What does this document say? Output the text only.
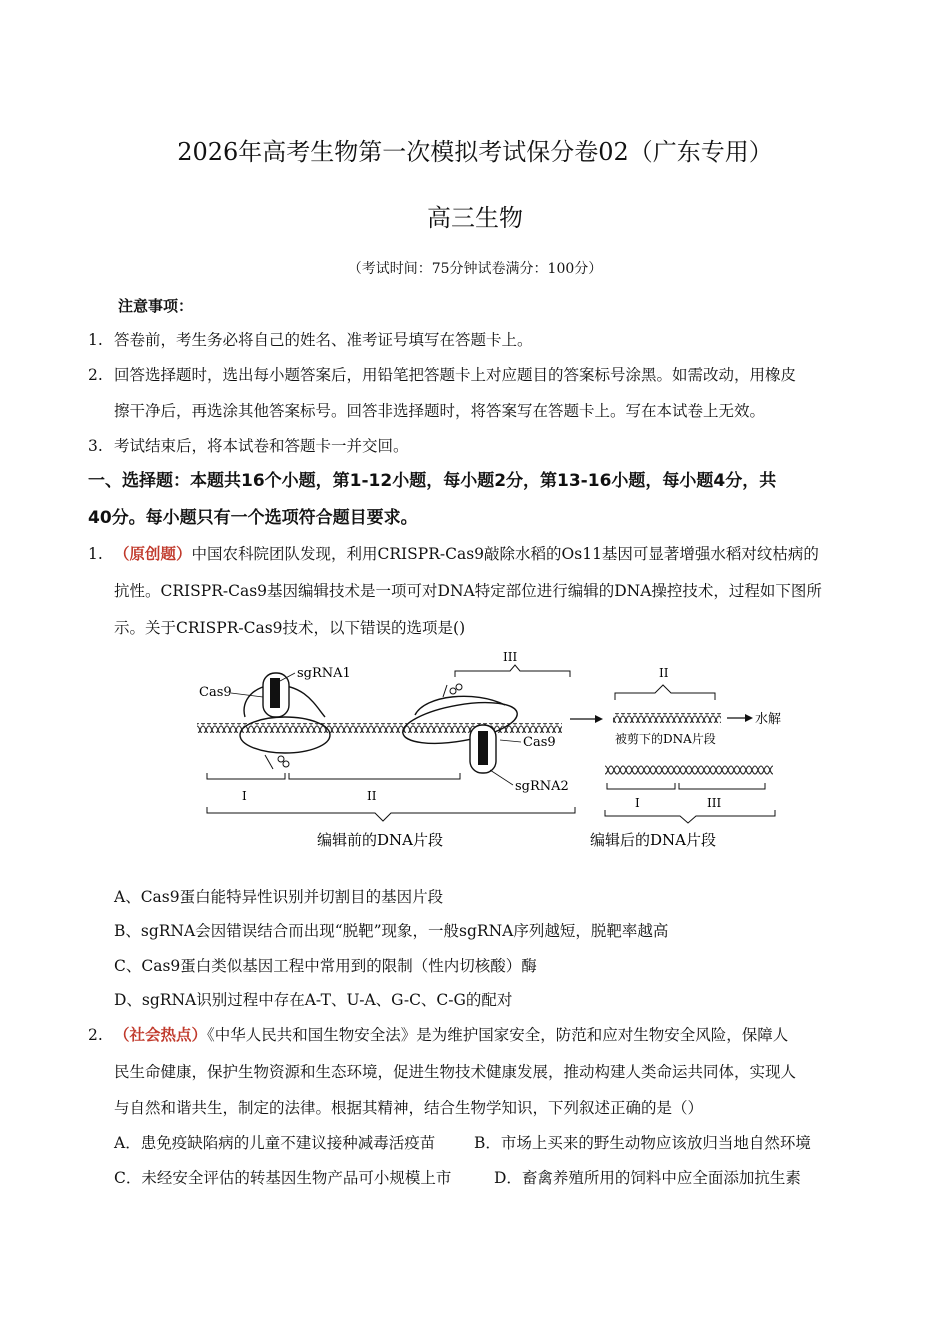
2026年高考生物第一次模拟考试保分卷02（广东专用）
高三生物
（考试时间：75分钟试卷满分：100分）
注意事项：
1. 答卷前，考生务必将自己的姓名、准考证号填写在答题卡上。
2. 回答选择题时，选出每小题答案后，用铅笔把答题卡上对应题目的答案标号涂黑。如需改动，用橡皮
擦干净后，再选涂其他答案标号。回答非选择题时，将答案写在答题卡上。写在本试卷上无效。
3. 考试结束后，将本试卷和答题卡一并交回。
一、选择题：本题共16个小题，第1-12小题，每小题2分，第13-16小题，每小题4分，共
40分。每小题只有一个选项符合题目要求。
1. （原创题）中国农科院团队发现，利用CRISPR-Cas9敲除水稻的Os11基因可显著增强水稻对纹枯病的
抗性。CRISPR-Cas9基因编辑技术是一项可对DNA特定部位进行编辑的DNA操控技术，过程如下图所
示。关于CRISPR-Cas9技术，以下错误的选项是()
Cas9
sgRNA1
Cas9
sgRNA2
III
I	II
编辑前的DNA片段
II
水解
被剪下的DNA片段
I	III
编辑后的DNA片段
A、Cas9蛋白能特异性识别并切割目的基因片段
B、sgRNA会因错误结合而出现“脱靶”现象，一般sgRNA序列越短，脱靶率越高
C、Cas9蛋白类似基因工程中常用到的限制（性内切核酸）酶
D、sgRNA识别过程中存在A-T、U-A、G-C、C-G的配对
2. （社会热点）《中华人民共和国生物安全法》是为维护国家安全，防范和应对生物安全风险，保障人
民生命健康，保护生物资源和生态环境，促进生物技术健康发展，推动构建人类命运共同体，实现人
与自然和谐共生，制定的法律。根据其精神，结合生物学知识，下列叙述正确的是（）
A．患免疫缺陷病的儿童不建议接种减毒活疫苗	B．市场上买来的野生动物应该放归当地自然环境
C．未经安全评估的转基因生物产品可小规模上市	D．畜禽养殖所用的饲料中应全面添加抗生素
